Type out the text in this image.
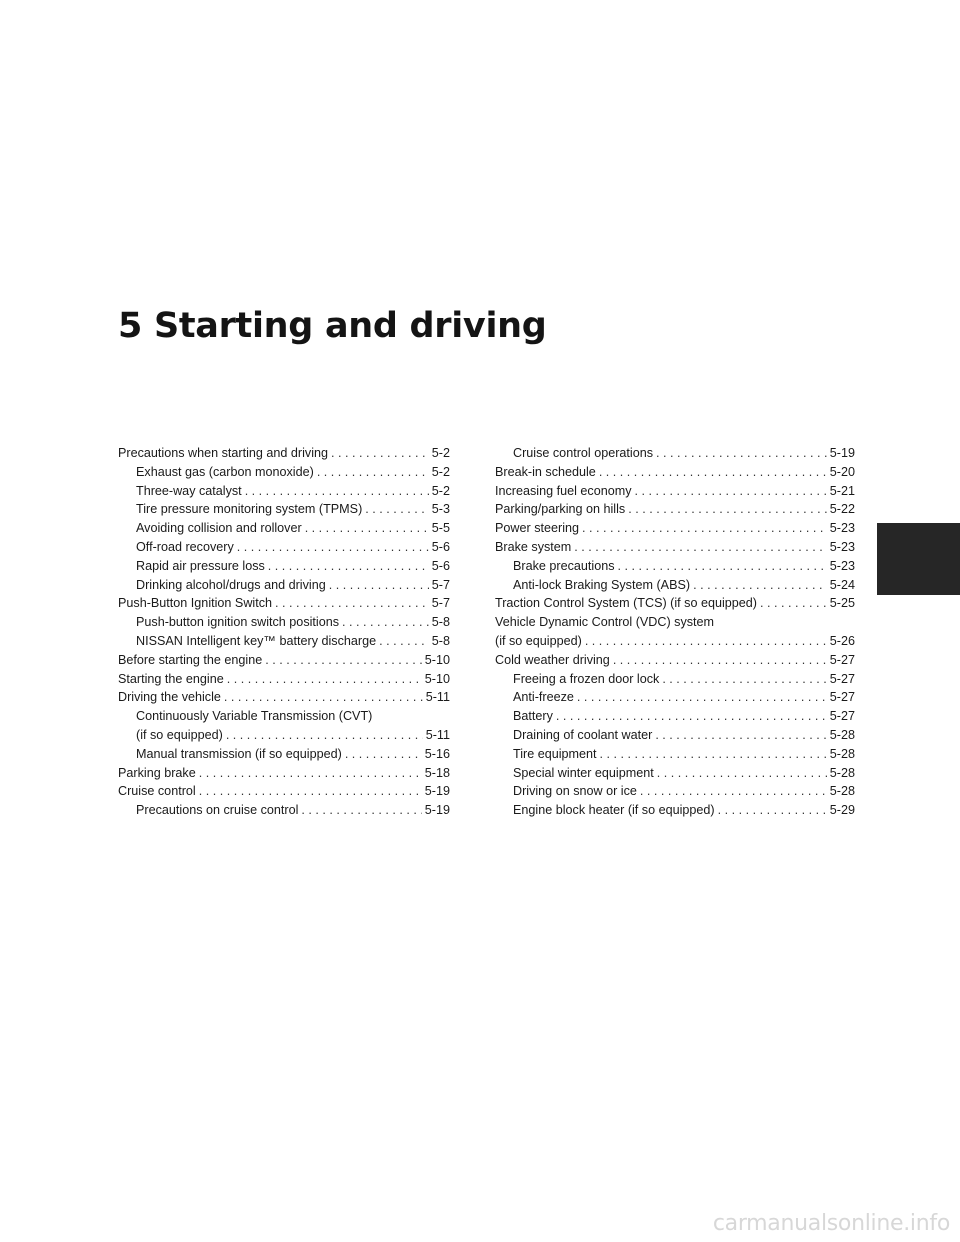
5 Starting and driving
Precautions when starting and driving . . .	5-2
Exhaust gas (carbon monoxide) . . .	5-2
Three-way catalyst . . .	5-2
Tire pressure monitoring system (TPMS) . . .	5-3
Avoiding collision and rollover . . .	5-5
Off-road recovery . . .	5-6
Rapid air pressure loss . . .	5-6
Drinking alcohol/drugs and driving . . .	5-7
Push-Button Ignition Switch . . .	5-7
Push-button ignition switch positions . . .	5-8
NISSAN Intelligent key™ battery discharge . . .	5-8
Before starting the engine . . .	5-10
Starting the engine . . .	5-10
Driving the vehicle . . .	5-11
Continuously Variable Transmission (CVT)
(if so equipped) . . .	5-11
Manual transmission (if so equipped) . . .	5-16
Parking brake . . .	5-18
Cruise control . . .	5-19
Precautions on cruise control . . .	5-19
Cruise control operations . . .	5-19
Break-in schedule . . .	5-20
Increasing fuel economy . . .	5-21
Parking/parking on hills . . .	5-22
Power steering . . .	5-23
Brake system . . .	5-23
Brake precautions . . .	5-23
Anti-lock Braking System (ABS) . . .	5-24
Traction Control System (TCS) (if so equipped) . . .	5-25
Vehicle Dynamic Control (VDC) system
(if so equipped) . . .	5-26
Cold weather driving . . .	5-27
Freeing a frozen door lock . . .	5-27
Anti-freeze . . .	5-27
Battery . . .	5-27
Draining of coolant water . . .	5-28
Tire equipment . . .	5-28
Special winter equipment . . .	5-28
Driving on snow or ice . . .	5-28
Engine block heater (if so equipped) . . .	5-29
carmanualsonline.info
